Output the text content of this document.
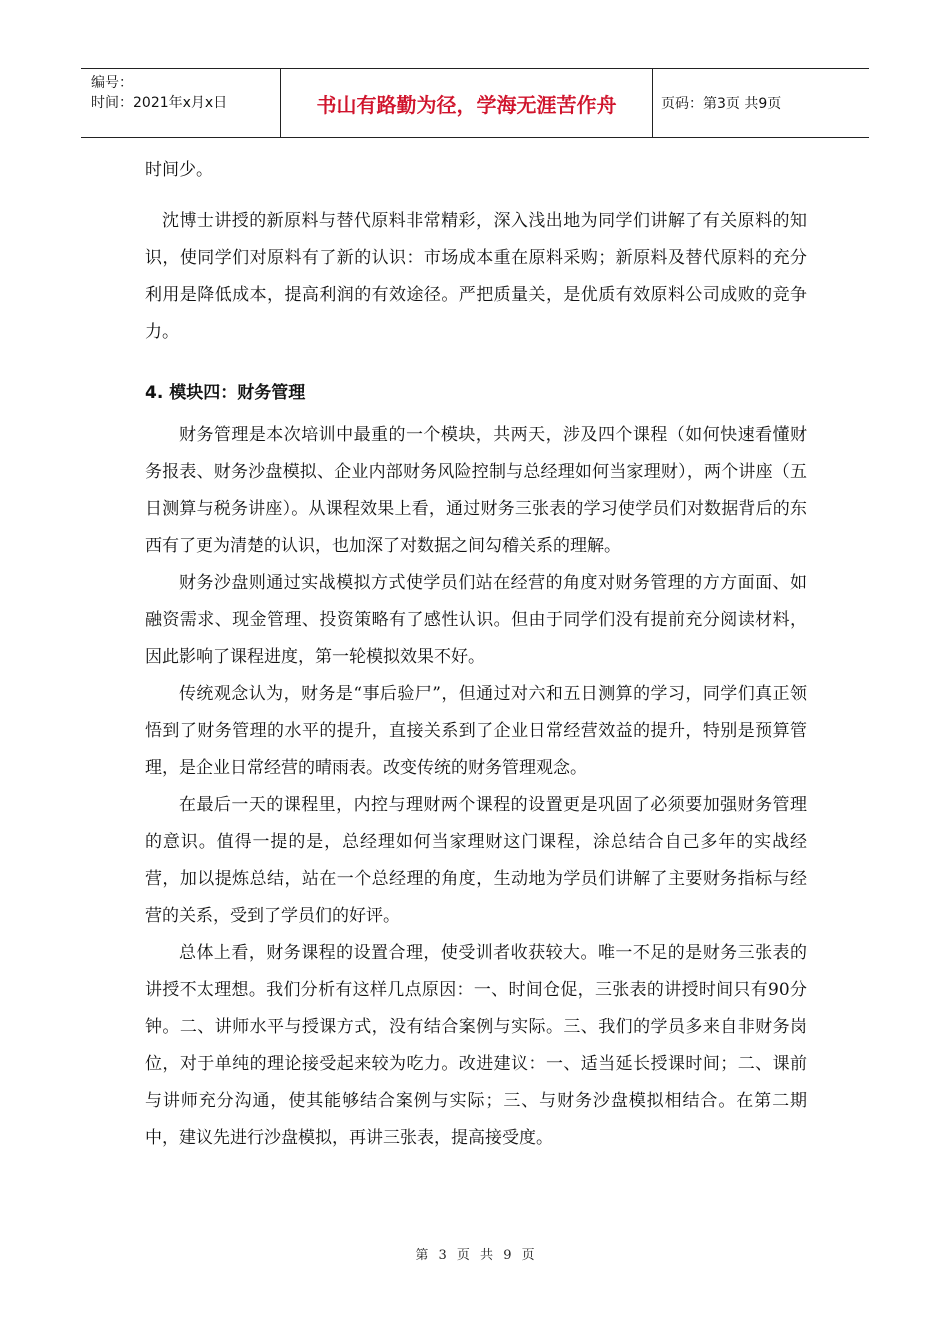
编号：
时间：2021年x月x日	书山有路勤为径，学海无涯苦作舟	页码：第3页 共9页

时间少。

沈博士讲授的新原料与替代原料非常精彩，深入浅出地为同学们讲解了有关原料的知识，使同学们对原料有了新的认识：市场成本重在原料采购；新原料及替代原料的充分利用是降低成本，提高利润的有效途径。严把质量关，是优质有效原料公司成败的竞争力。

4. 模块四：财务管理

财务管理是本次培训中最重的一个模块，共两天，涉及四个课程（如何快速看懂财务报表、财务沙盘模拟、企业内部财务风险控制与总经理如何当家理财），两个讲座（五日测算与税务讲座）。从课程效果上看，通过财务三张表的学习使学员们对数据背后的东西有了更为清楚的认识，也加深了对数据之间勾稽关系的理解。

财务沙盘则通过实战模拟方式使学员们站在经营的角度对财务管理的方方面面、如融资需求、现金管理、投资策略有了感性认识。但由于同学们没有提前充分阅读材料，因此影响了课程进度，第一轮模拟效果不好。

传统观念认为，财务是“事后验尸”，但通过对六和五日测算的学习，同学们真正领悟到了财务管理的水平的提升，直接关系到了企业日常经营效益的提升，特别是预算管理，是企业日常经营的晴雨表。改变传统的财务管理观念。

在最后一天的课程里，内控与理财两个课程的设置更是巩固了必须要加强财务管理的意识。值得一提的是，总经理如何当家理财这门课程，涂总结合自己多年的实战经营，加以提炼总结，站在一个总经理的角度，生动地为学员们讲解了主要财务指标与经营的关系，受到了学员们的好评。

总体上看，财务课程的设置合理，使受训者收获较大。唯一不足的是财务三张表的讲授不太理想。我们分析有这样几点原因：一、时间仓促，三张表的讲授时间只有90分钟。二、讲师水平与授课方式，没有结合案例与实际。三、我们的学员多来自非财务岗位，对于单纯的理论接受起来较为吃力。改进建议：一、适当延长授课时间；二、课前与讲师充分沟通，使其能够结合案例与实际；三、与财务沙盘模拟相结合。在第二期中，建议先进行沙盘模拟，再讲三张表，提高接受度。

第 3 页 共 9 页
